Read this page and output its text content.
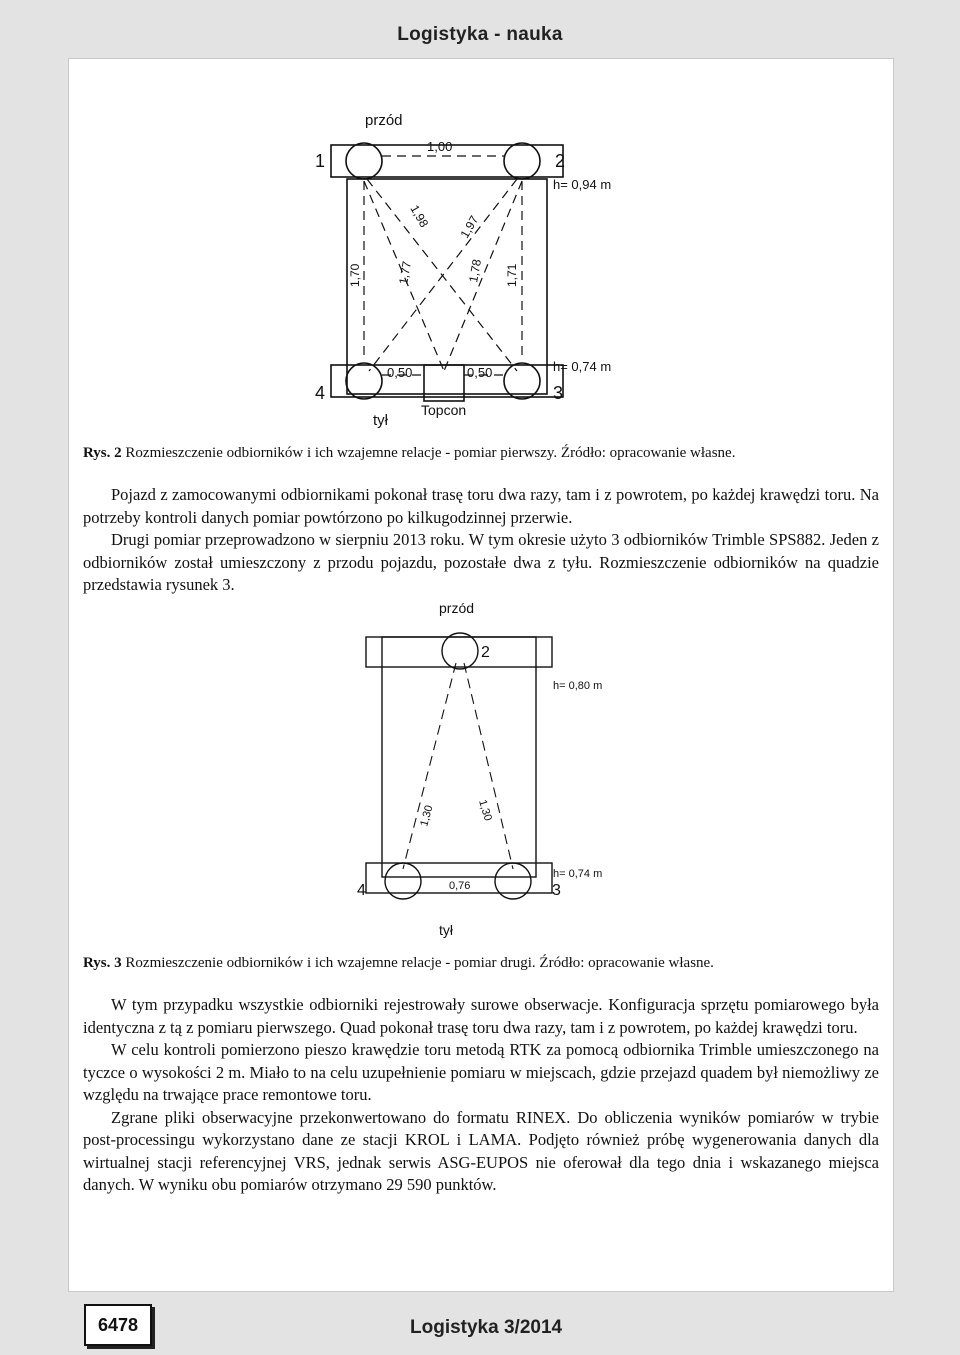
Logistyka - nauka
przód
1	2
3
4
1,00
h= 0,94 m
h= 0,74 m
0,50	0,50
Topcon
tył
1,98 1,97
1,70	1,77	1,78 1,71
Rys. 2 Rozmieszczenie odbiorników i ich wzajemne relacje - pomiar pierwszy. Źródło: opracowanie własne.

Pojazd z zamocowanymi odbiornikami pokonał trasę toru dwa razy, tam i z powrotem, po każdej krawędzi toru. Na potrzeby kontroli danych pomiar powtórzono po kilkugodzinnej przerwie.

Drugi pomiar przeprowadzono w sierpniu 2013 roku. W tym okresie użyto 3 odbiorników Trimble SPS882. Jeden z odbiorników został umieszczony z przodu pojazdu, pozostałe dwa z tyłu. Rozmieszczenie odbiorników na quadzie przedstawia rysunek 3.

przód
2
3
4
h= 0,80 m
h= 0,74 m
0,76
tył
1,30	1,30
Rys. 3 Rozmieszczenie odbiorników i ich wzajemne relacje - pomiar drugi. Źródło: opracowanie własne.

W tym przypadku wszystkie odbiorniki rejestrowały surowe obserwacje. Konfiguracja sprzętu pomiarowego była identyczna z tą z pomiaru pierwszego. Quad pokonał trasę toru dwa razy, tam i z powrotem, po każdej krawędzi toru.

W celu kontroli pomierzono pieszo krawędzie toru metodą RTK za pomocą odbiornika Trimble umieszczonego na tyczce o wysokości 2 m. Miało to na celu uzupełnienie pomiaru w miejscach, gdzie przejazd quadem był niemożliwy ze względu na trwające prace remontowe toru.

Zgrane pliki obserwacyjne przekonwertowano do formatu RINEX. Do obliczenia wyników pomiarów w trybie post-processingu wykorzystano dane ze stacji KROL i LAMA. Podjęto również próbę wygenerowania danych dla wirtualnej stacji referencyjnej VRS, jednak serwis ASG-EUPOS nie oferował dla tego dnia i wskazanego miejsca danych. W wyniku obu pomiarów otrzymano 29 590 punktów.

6478	Logistyka 3/2014
